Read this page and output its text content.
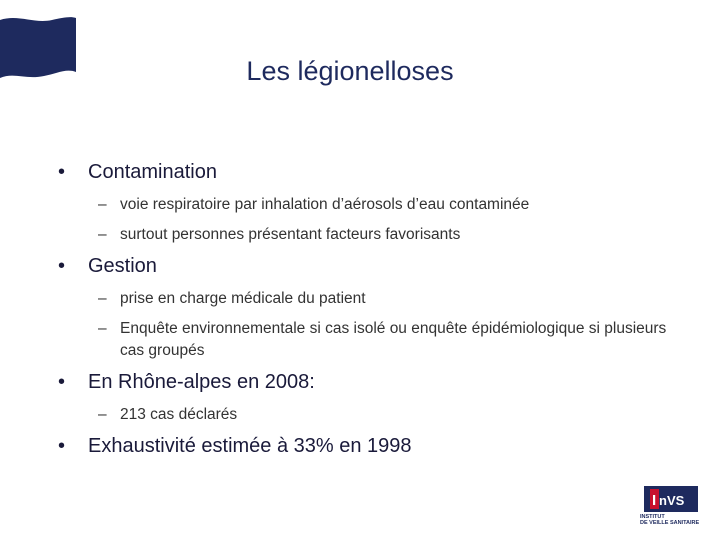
Les légionelloses
• Contamination
– voie respiratoire par inhalation d’aérosols d’eau contaminée
– surtout personnes présentant facteurs favorisants
• Gestion
– prise en charge médicale du patient
– Enquête environnementale si cas isolé ou enquête épidémiologique si plusieurs cas groupés
• En Rhône-alpes en 2008:
– 213 cas déclarés
• Exhaustivité estimée à 33% en 1998
I nVS
INSTITUT
DE VEILLE SANITAIRE
